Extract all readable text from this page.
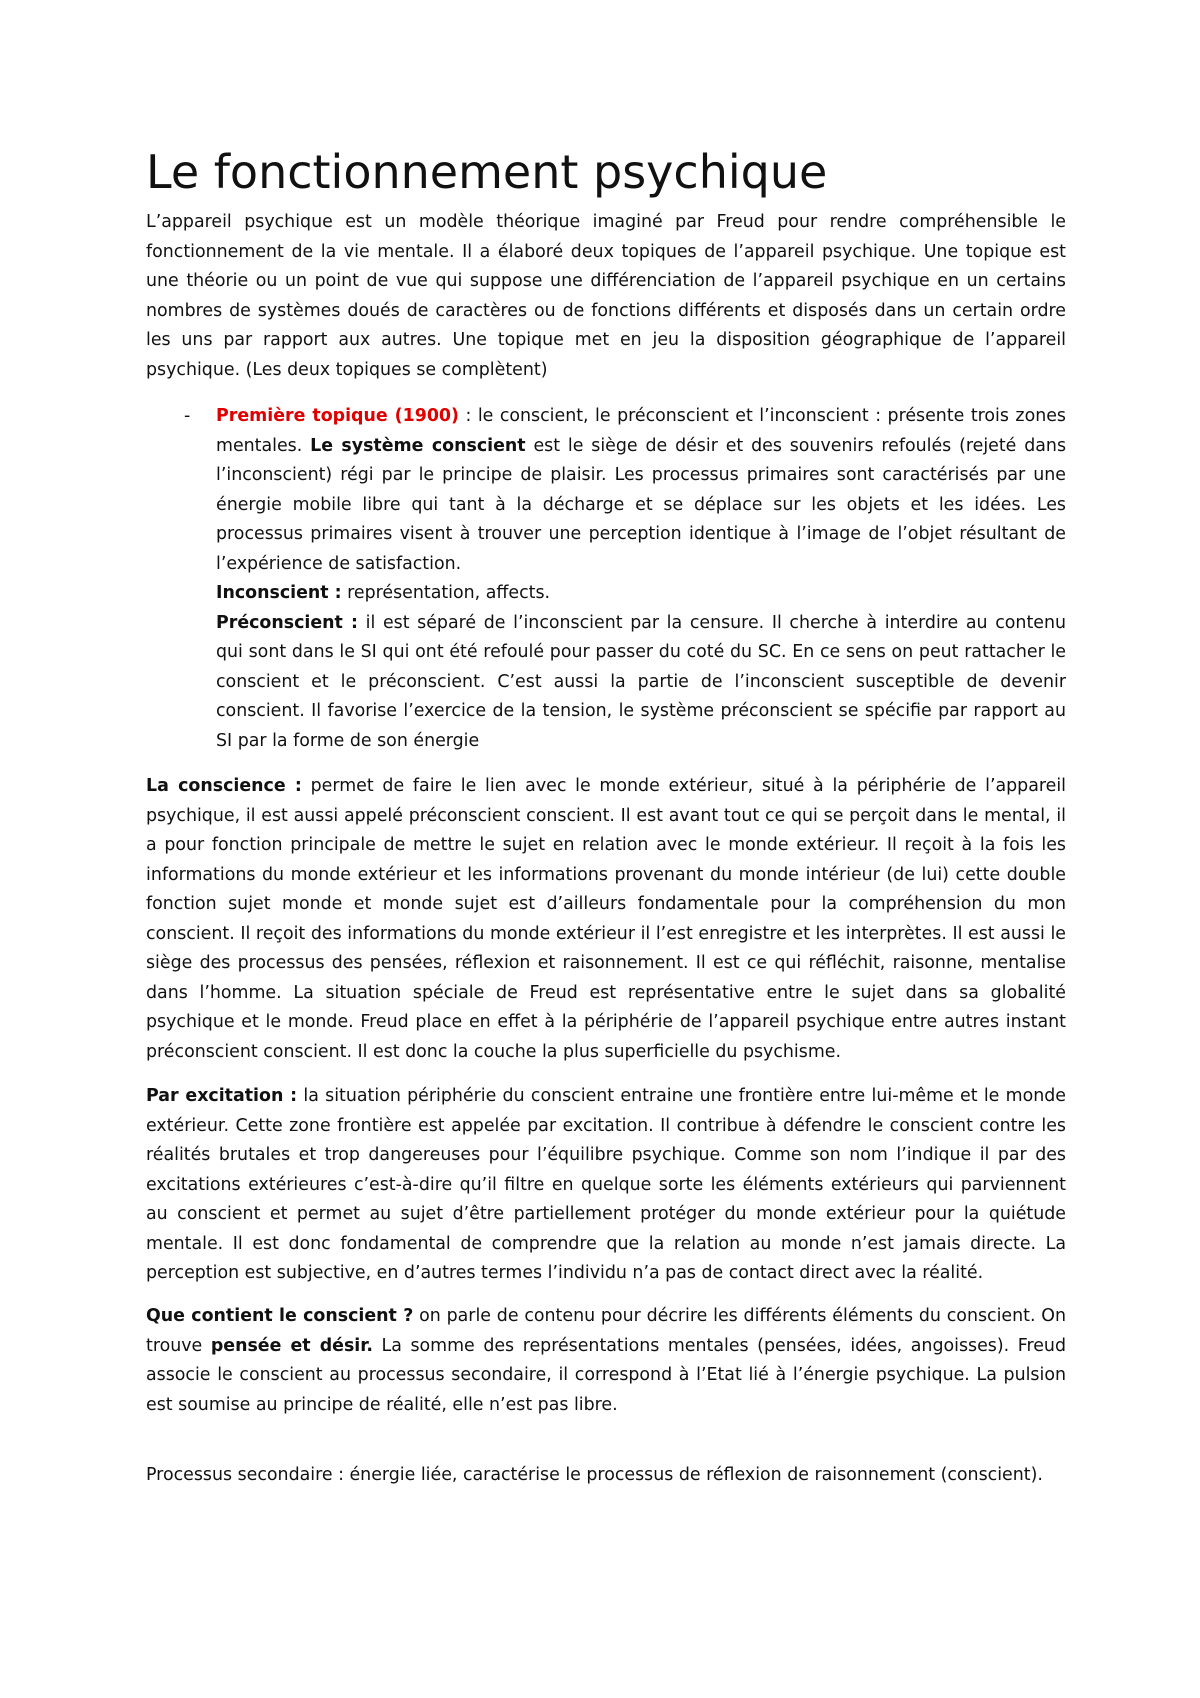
Le fonctionnement psychique

L’appareil psychique est un modèle théorique imaginé par Freud pour rendre compréhensible le fonctionnement de la vie mentale. Il a élaboré deux topiques de l’appareil psychique. Une topique est une théorie ou un point de vue qui suppose une différenciation de l’appareil psychique en un certains nombres de systèmes doués de caractères ou de fonctions différents et disposés dans un certain ordre les uns par rapport aux autres. Une topique met en jeu la disposition géographique de l’appareil psychique. (Les deux topiques se complètent)

- Première topique (1900) : le conscient, le préconscient et l’inconscient : présente trois zones mentales. Le système conscient est le siège de désir et des souvenirs refoulés (rejeté dans l’inconscient) régi par le principe de plaisir. Les processus primaires sont caractérisés par une énergie mobile libre qui tant à la décharge et se déplace sur les objets et les idées. Les processus primaires visent à trouver une perception identique à l’image de l’objet résultant de l’expérience de satisfaction.

Inconscient : représentation, affects.

Préconscient : il est séparé de l’inconscient par la censure. Il cherche à interdire au contenu qui sont dans le SI qui ont été refoulé pour passer du coté du SC. En ce sens on peut rattacher le conscient et le préconscient. C’est aussi la partie de l’inconscient susceptible de devenir conscient. Il favorise l’exercice de la tension, le système préconscient se spécifie par rapport au SI par la forme de son énergie

La conscience : permet de faire le lien avec le monde extérieur, situé à la périphérie de l’appareil psychique, il est aussi appelé préconscient conscient. Il est avant tout ce qui se perçoit dans le mental, il a pour fonction principale de mettre le sujet en relation avec le monde extérieur. Il reçoit à la fois les informations du monde extérieur et les informations provenant du monde intérieur (de lui) cette double fonction sujet monde et monde sujet est d’ailleurs fondamentale pour la compréhension du mon conscient. Il reçoit des informations du monde extérieur il l’est enregistre et les interprètes. Il est aussi le siège des processus des pensées, réflexion et raisonnement. Il est ce qui réfléchit, raisonne, mentalise dans l’homme. La situation spéciale de Freud est représentative entre le sujet dans sa globalité psychique et le monde. Freud place en effet à la périphérie de l’appareil psychique entre autres instant préconscient conscient. Il est donc la couche la plus superficielle du psychisme.

Par excitation : la situation périphérie du conscient entraine une frontière entre lui-même et le monde extérieur. Cette zone frontière est appelée par excitation. Il contribue à défendre le conscient contre les réalités brutales et trop dangereuses pour l’équilibre psychique. Comme son nom l’indique il par des excitations extérieures c’est-à-dire qu’il filtre en quelque sorte les éléments extérieurs qui parviennent au conscient et permet au sujet d’être partiellement protéger du monde extérieur pour la quiétude mentale. Il est donc fondamental de comprendre que la relation au monde n’est jamais directe. La perception est subjective, en d’autres termes l’individu n’a pas de contact direct avec la réalité.

Que contient le conscient ? on parle de contenu pour décrire les différents éléments du conscient. On trouve pensée et désir. La somme des représentations mentales (pensées, idées, angoisses). Freud associe le conscient au processus secondaire, il correspond à l’Etat lié à l’énergie psychique. La pulsion est soumise au principe de réalité, elle n’est pas libre.

Processus secondaire : énergie liée, caractérise le processus de réflexion de raisonnement (conscient).
